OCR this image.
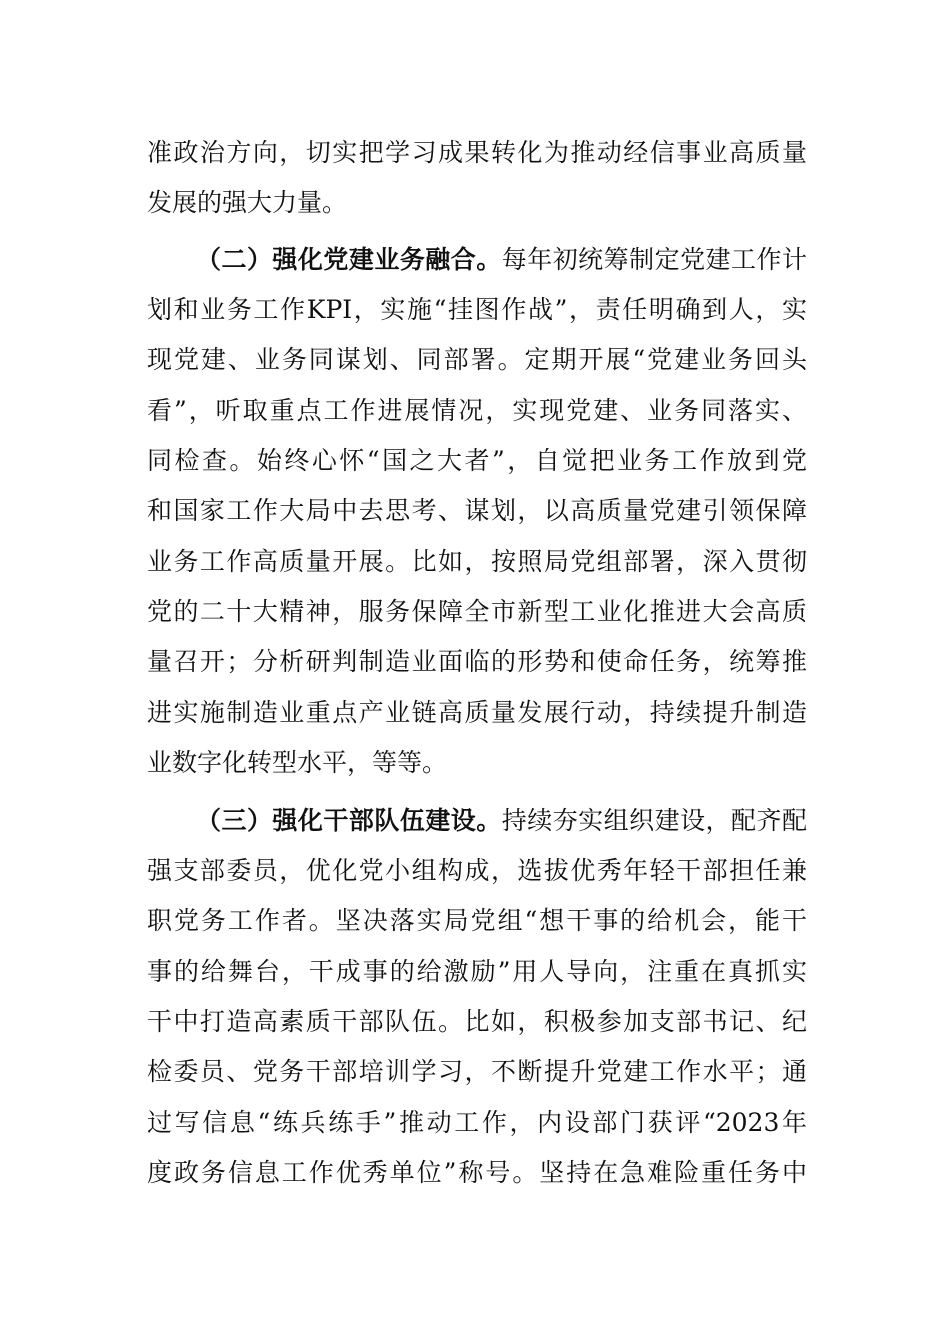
准政治方向，切实把学习成果转化为推动经信事业高质量
发展的强大力量。
（二）强化党建业务融合。每年初统筹制定党建工作计
划和业务工作KPI，实施“挂图作战”，责任明确到人，实
现党建、业务同谋划、同部署。定期开展“党建业务回头
看”，听取重点工作进展情况，实现党建、业务同落实、
同检查。始终心怀“国之大者”，自觉把业务工作放到党
和国家工作大局中去思考、谋划，以高质量党建引领保障
业务工作高质量开展。比如，按照局党组部署，深入贯彻
党的二十大精神，服务保障全市新型工业化推进大会高质
量召开；分析研判制造业面临的形势和使命任务，统筹推
进实施制造业重点产业链高质量发展行动，持续提升制造
业数字化转型水平，等等。
（三）强化干部队伍建设。持续夯实组织建设，配齐配
强支部委员，优化党小组构成，选拔优秀年轻干部担任兼
职党务工作者。坚决落实局党组“想干事的给机会，能干
事的给舞台，干成事的给激励”用人导向，注重在真抓实
干中打造高素质干部队伍。比如，积极参加支部书记、纪
检委员、党务干部培训学习，不断提升党建工作水平；通
过写信息“练兵练手”推动工作，内设部门获评“2023年
度政务信息工作优秀单位”称号。坚持在急难险重任务中
